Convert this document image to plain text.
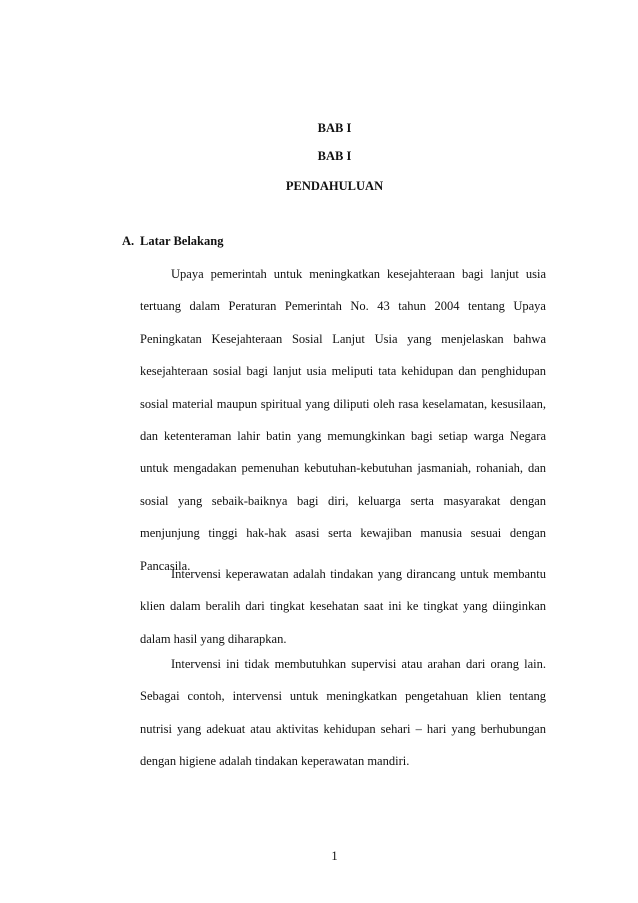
BAB I

BAB I

PENDAHULUAN

A. Latar Belakang

Upaya pemerintah untuk meningkatkan kesejahteraan bagi lanjut usia tertuang dalam Peraturan Pemerintah No. 43 tahun 2004 tentang Upaya Peningkatan Kesejahteraan Sosial Lanjut Usia yang menjelaskan bahwa kesejahteraan sosial bagi lanjut usia meliputi tata kehidupan dan penghidupan sosial material maupun spiritual yang diliputi oleh rasa keselamatan, kesusilaan, dan ketenteraman lahir batin yang memungkinkan bagi setiap warga Negara untuk mengadakan pemenuhan kebutuhan-kebutuhan jasmaniah, rohaniah, dan sosial yang sebaik-baiknya bagi diri, keluarga serta masyarakat dengan menjunjung tinggi hak-hak asasi serta kewajiban manusia sesuai dengan Pancasila.

Intervensi keperawatan adalah tindakan yang dirancang untuk membantu klien dalam beralih dari tingkat kesehatan saat ini ke tingkat yang diinginkan dalam hasil yang diharapkan.

Intervensi ini tidak membutuhkan supervisi atau arahan dari orang lain. Sebagai contoh, intervensi untuk meningkatkan pengetahuan klien tentang nutrisi yang adekuat atau aktivitas kehidupan sehari – hari yang berhubungan dengan higiene adalah tindakan keperawatan mandiri.

1
